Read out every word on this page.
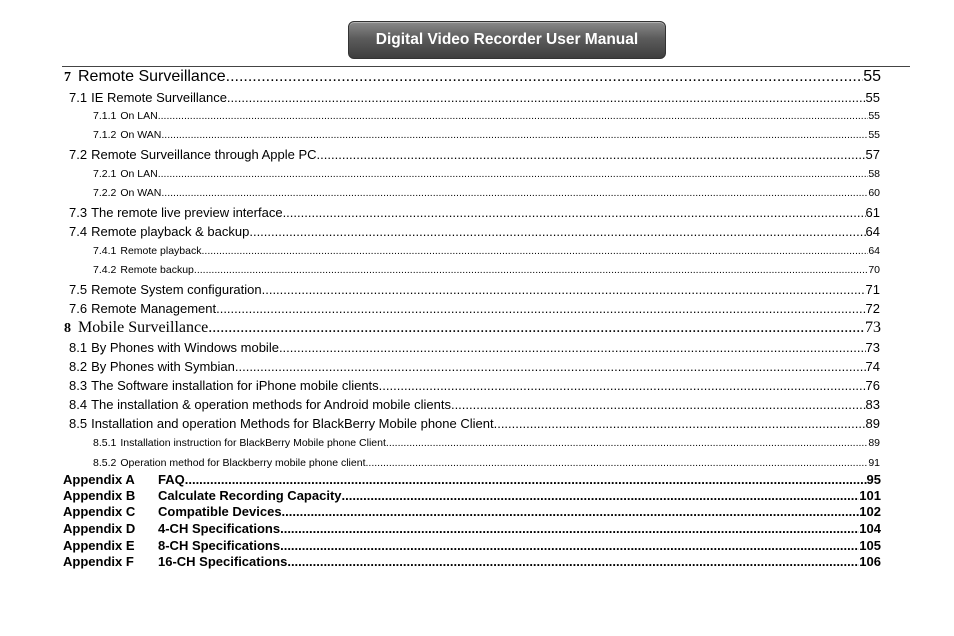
Digital Video Recorder User Manual
7 Remote Surveillance .....	55
7.1 IE Remote Surveillance .....	55
7.1.1 On LAN .....	55
7.1.2 On WAN .....	55
7.2 Remote Surveillance through Apple PC .....	57
7.2.1 On LAN .....	58
7.2.2 On WAN .....	60
7.3 The remote live preview interface .....	61
7.4 Remote playback & backup .....	64
7.4.1 Remote playback .....	64
7.4.2 Remote backup .....	70
7.5 Remote System configuration .....	71
7.6 Remote Management .....	72
8 Mobile Surveillance .....	73
8.1 By Phones with Windows mobile .....	73
8.2 By Phones with Symbian .....	74
8.3 The Software installation for iPhone mobile clients .....	76
8.4 The installation & operation methods for Android mobile clients .....	83
8.5 Installation and operation Methods for BlackBerry Mobile phone Client .....	89
8.5.1 Installation instruction for BlackBerry Mobile phone Client .....	89
8.5.2 Operation method for Blackberry mobile phone client .....	91
Appendix A FAQ .....	95
Appendix B Calculate Recording Capacity .....	101
Appendix C Compatible Devices .....	102
Appendix D 4-CH Specifications .....	104
Appendix E 8-CH Specifications .....	105
Appendix F 16-CH Specifications .....	106
